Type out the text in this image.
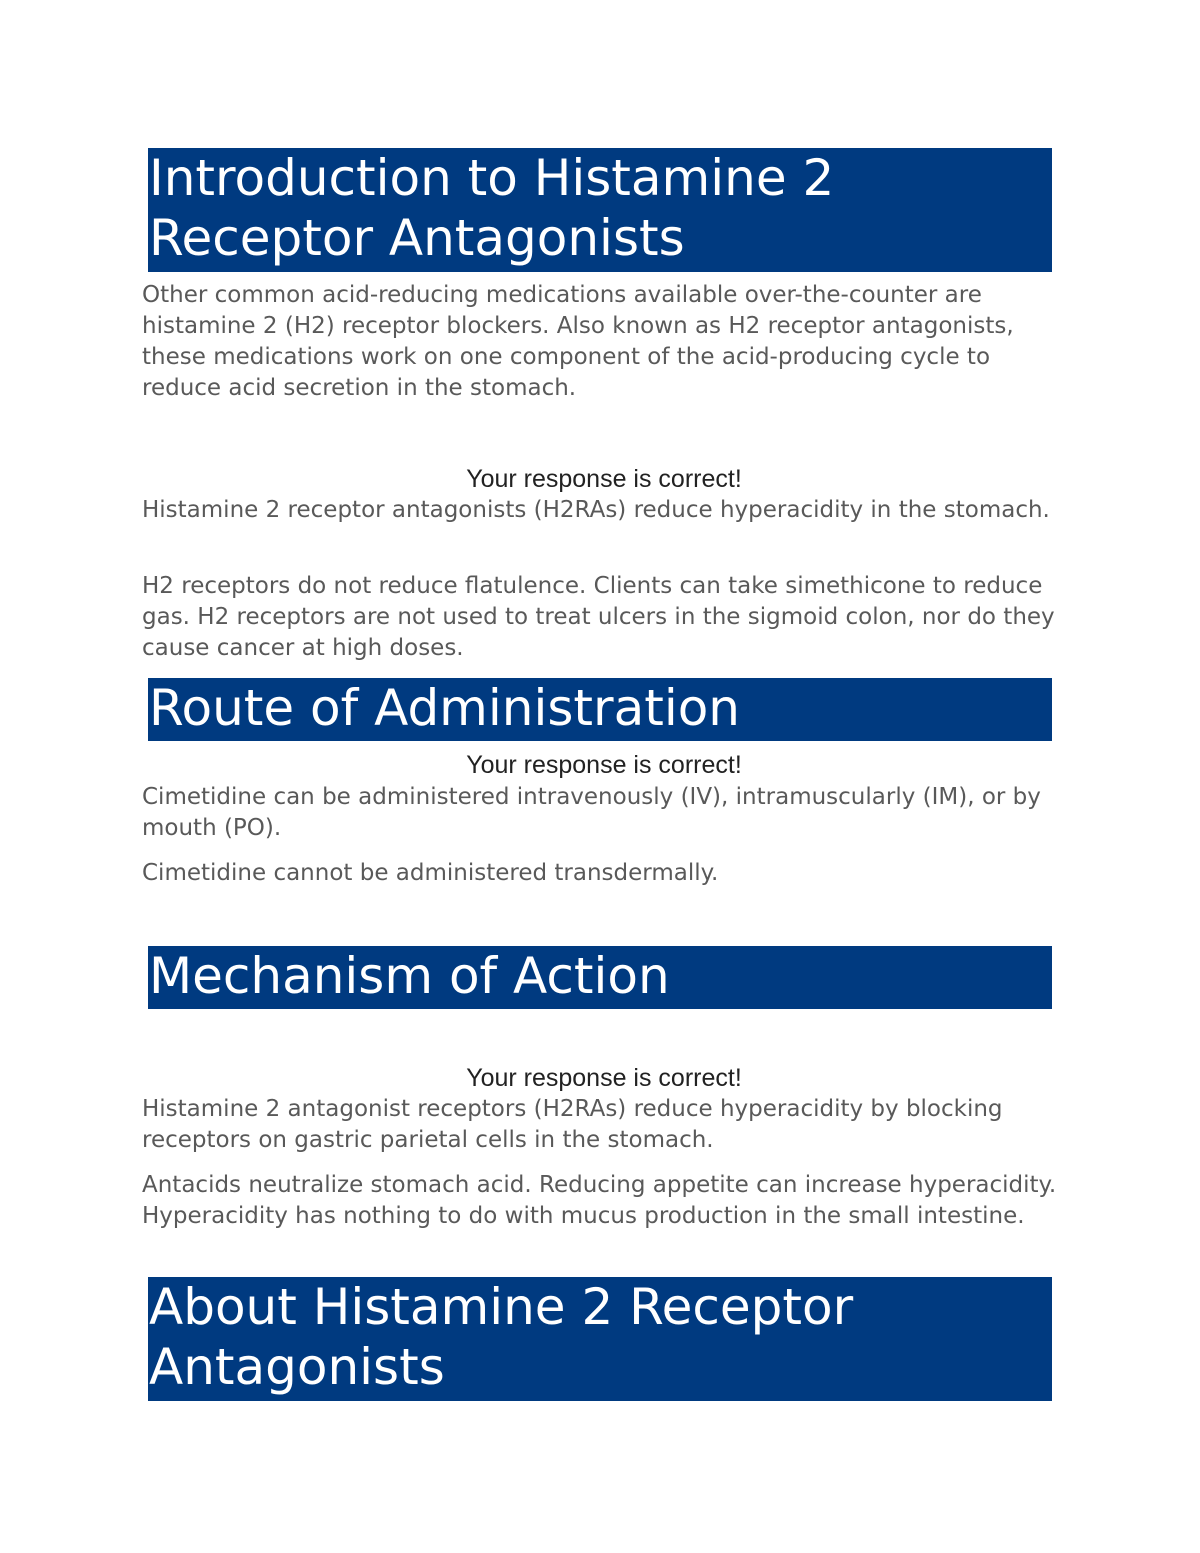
Introduction to Histamine 2 Receptor Antagonists

Other common acid-reducing medications available over-the-counter are histamine 2 (H2) receptor blockers. Also known as H2 receptor antagonists, these medications work on one component of the acid-producing cycle to reduce acid secretion in the stomach.

Your response is correct!

Histamine 2 receptor antagonists (H2RAs) reduce hyperacidity in the stomach.

H2 receptors do not reduce flatulence. Clients can take simethicone to reduce gas. H2 receptors are not used to treat ulcers in the sigmoid colon, nor do they cause cancer at high doses.

Route of Administration

Your response is correct!

Cimetidine can be administered intravenously (IV), intramuscularly (IM), or by mouth (PO).

Cimetidine cannot be administered transdermally.

Mechanism of Action

Your response is correct!

Histamine 2 antagonist receptors (H2RAs) reduce hyperacidity by blocking receptors on gastric parietal cells in the stomach.

Antacids neutralize stomach acid. Reducing appetite can increase hyperacidity. Hyperacidity has nothing to do with mucus production in the small intestine.

About Histamine 2 Receptor Antagonists
